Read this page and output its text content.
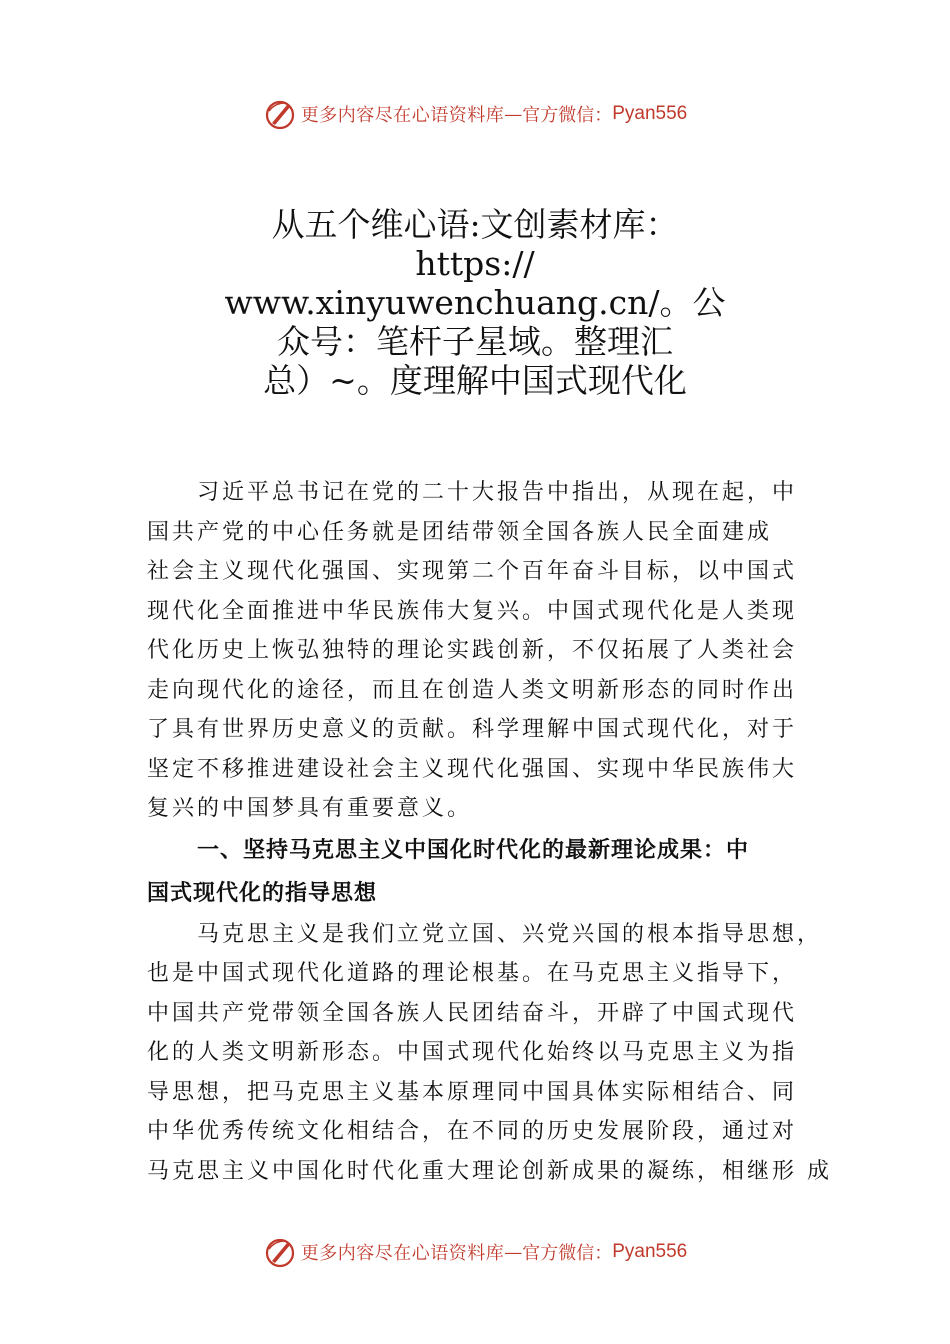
更多内容尽在心语资料库 — 官方微信： Pyan556
从五个维心语:文创素材库：
https://
www.xinyuwenchuang.cn/。公
众号：笔杆子星域。整理汇
总）~。度理解中国式现代化
习近平总书记在党的二十大报告中指出，从现在起，中
国共产党的中心任务就是团结带领全国各族人民全面建成
社会主义现代化强国、实现第二个百年奋斗目标，以中国式
现代化全面推进中华民族伟大复兴。中国式现代化是人类现
代化历史上恢弘独特的理论实践创新，不仅拓展了人类社会
走向现代化的途径，而且在创造人类文明新形态的同时作出
了具有世界历史意义的贡献。科学理解中国式现代化，对于
坚定不移推进建设社会主义现代化强国、实现中华民族伟大
复兴的中国梦具有重要意义。
一、坚持马克思主义中国化时代化的最新理论成果：中
国式现代化的指导思想
马克思主义是我们立党立国、兴党兴国的根本指导思想，
也是中国式现代化道路的理论根基。在马克思主义指导下，
中国共产党带领全国各族人民团结奋斗，开辟了中国式现代
化的人类文明新形态。中国式现代化始终以马克思主义为指
导思想，把马克思主义基本原理同中国具体实际相结合、同
中华优秀传统文化相结合，在不同的历史发展阶段，通过对
马克思主义中国化时代化重大理论创新成果的凝练，相继形 成
更多内容尽在心语资料库 — 官方微信： Pyan556
